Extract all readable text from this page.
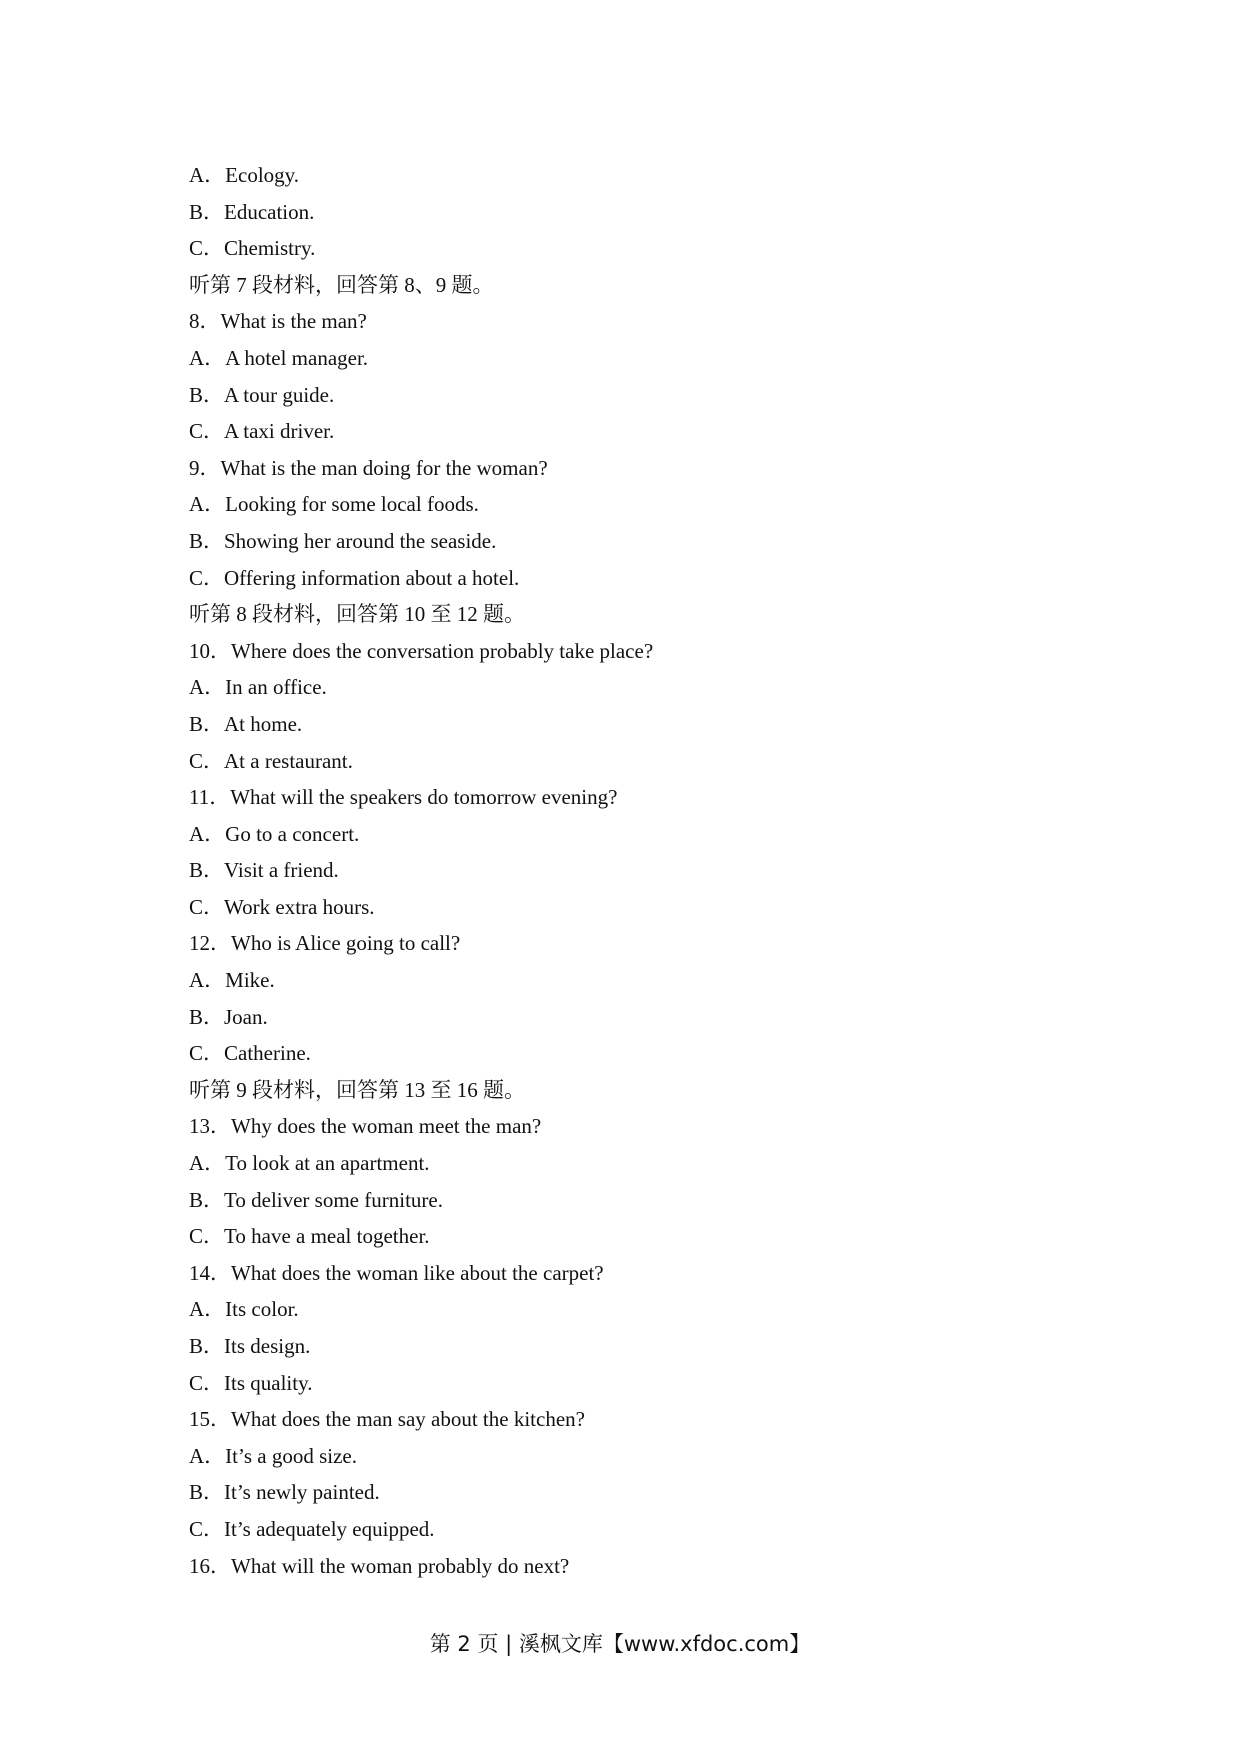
A．Ecology.
B．Education.
C．Chemistry.
听第 7 段材料，回答第 8、9 题。
8．What is the man?
A．A hotel manager.
B．A tour guide.
C．A taxi driver.
9．What is the man doing for the woman?
A．Looking for some local foods.
B．Showing her around the seaside.
C．Offering information about a hotel.
听第 8 段材料，回答第 10 至 12 题。
10．Where does the conversation probably take place?
A．In an office.
B．At home.
C．At a restaurant.
11．What will the speakers do tomorrow evening?
A．Go to a concert.
B．Visit a friend.
C．Work extra hours.
12．Who is Alice going to call?
A．Mike.
B．Joan.
C．Catherine.
听第 9 段材料，回答第 13 至 16 题。
13．Why does the woman meet the man?
A．To look at an apartment.
B．To deliver some furniture.
C．To have a meal together.
14．What does the woman like about the carpet?
A．Its color.
B．Its design.
C．Its quality.
15．What does the man say about the kitchen?
A．It’s a good size.
B．It’s newly painted.
C．It’s adequately equipped.
16．What will the woman probably do next?
第 2 页 | 溪枫文库【www.xfdoc.com】
